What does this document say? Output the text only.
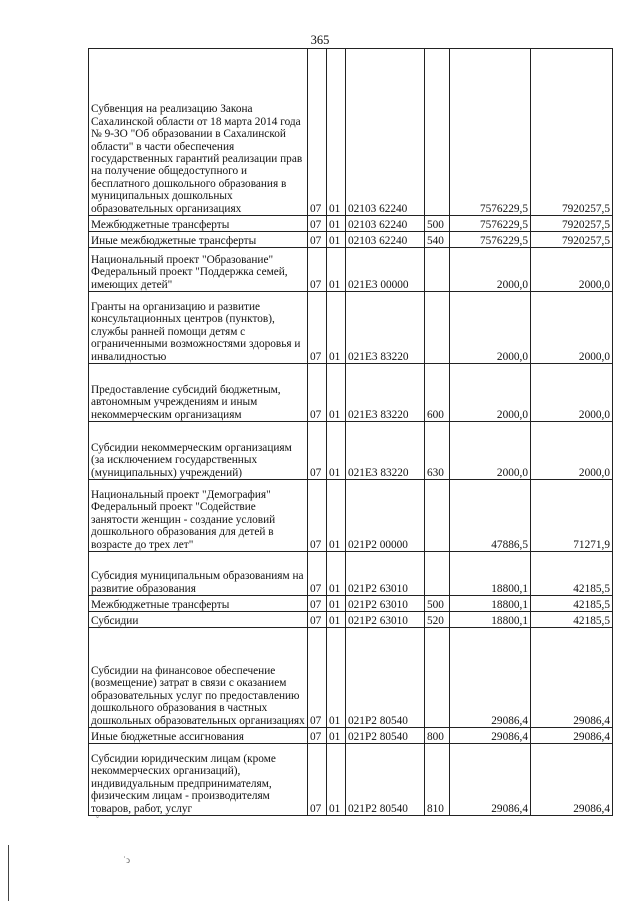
365
Субвенция на реализацию Закона Сахалинской области от 18 марта 2014 года № 9-ЗО "Об образовании в Сахалинской области" в части обеспечения государственных гарантий реализации прав на получение общедоступного и бесплатного дошкольного образования в муниципальных дошкольных образовательных организациях	07	01	02103 62240		7576229,5	7920257,5
Межбюджетные трансферты	07	01	02103 62240	500	7576229,5	7920257,5
Иные межбюджетные трансферты	07	01	02103 62240	540	7576229,5	7920257,5
Национальный проект "Образование" Федеральный проект "Поддержка семей, имеющих детей"	07	01	021E3 00000		2000,0	2000,0
Гранты на организацию и развитие консультационных центров (пунктов), службы ранней помощи детям с ограниченными возможностями здоровья и инвалидностью	07	01	021E3 83220		2000,0	2000,0
Предоставление субсидий бюджетным, автономным учреждениям и иным некоммерческим организациям	07	01	021E3 83220	600	2000,0	2000,0
Субсидии некоммерческим организациям (за исключением государственных (муниципальных) учреждений)	07	01	021E3 83220	630	2000,0	2000,0
Национальный проект "Демография" Федеральный проект "Содействие занятости женщин - создание условий дошкольного образования для детей в возрасте до трех лет"	07	01	021P2 00000		47886,5	71271,9
Субсидия муниципальным образованиям на развитие образования	07	01	021P2 63010		18800,1	42185,5
Межбюджетные трансферты	07	01	021P2 63010	500	18800,1	42185,5
Субсидии	07	01	021P2 63010	520	18800,1	42185,5
Субсидии на финансовое обеспечение (возмещение) затрат в связи с оказанием образовательных услуг по предоставлению дошкольного образования в частных дошкольных образовательных организациях	07	01	021P2 80540		29086,4	29086,4
Иные бюджетные ассигнования	07	01	021P2 80540	800	29086,4	29086,4
Субсидии юридическим лицам (кроме некоммерческих организаций), индивидуальным предпринимателям, физическим лицам - производителям товаров, работ, услуг	07	01	021P2 80540	810	29086,4	29086,4
˘
˙ͻ
